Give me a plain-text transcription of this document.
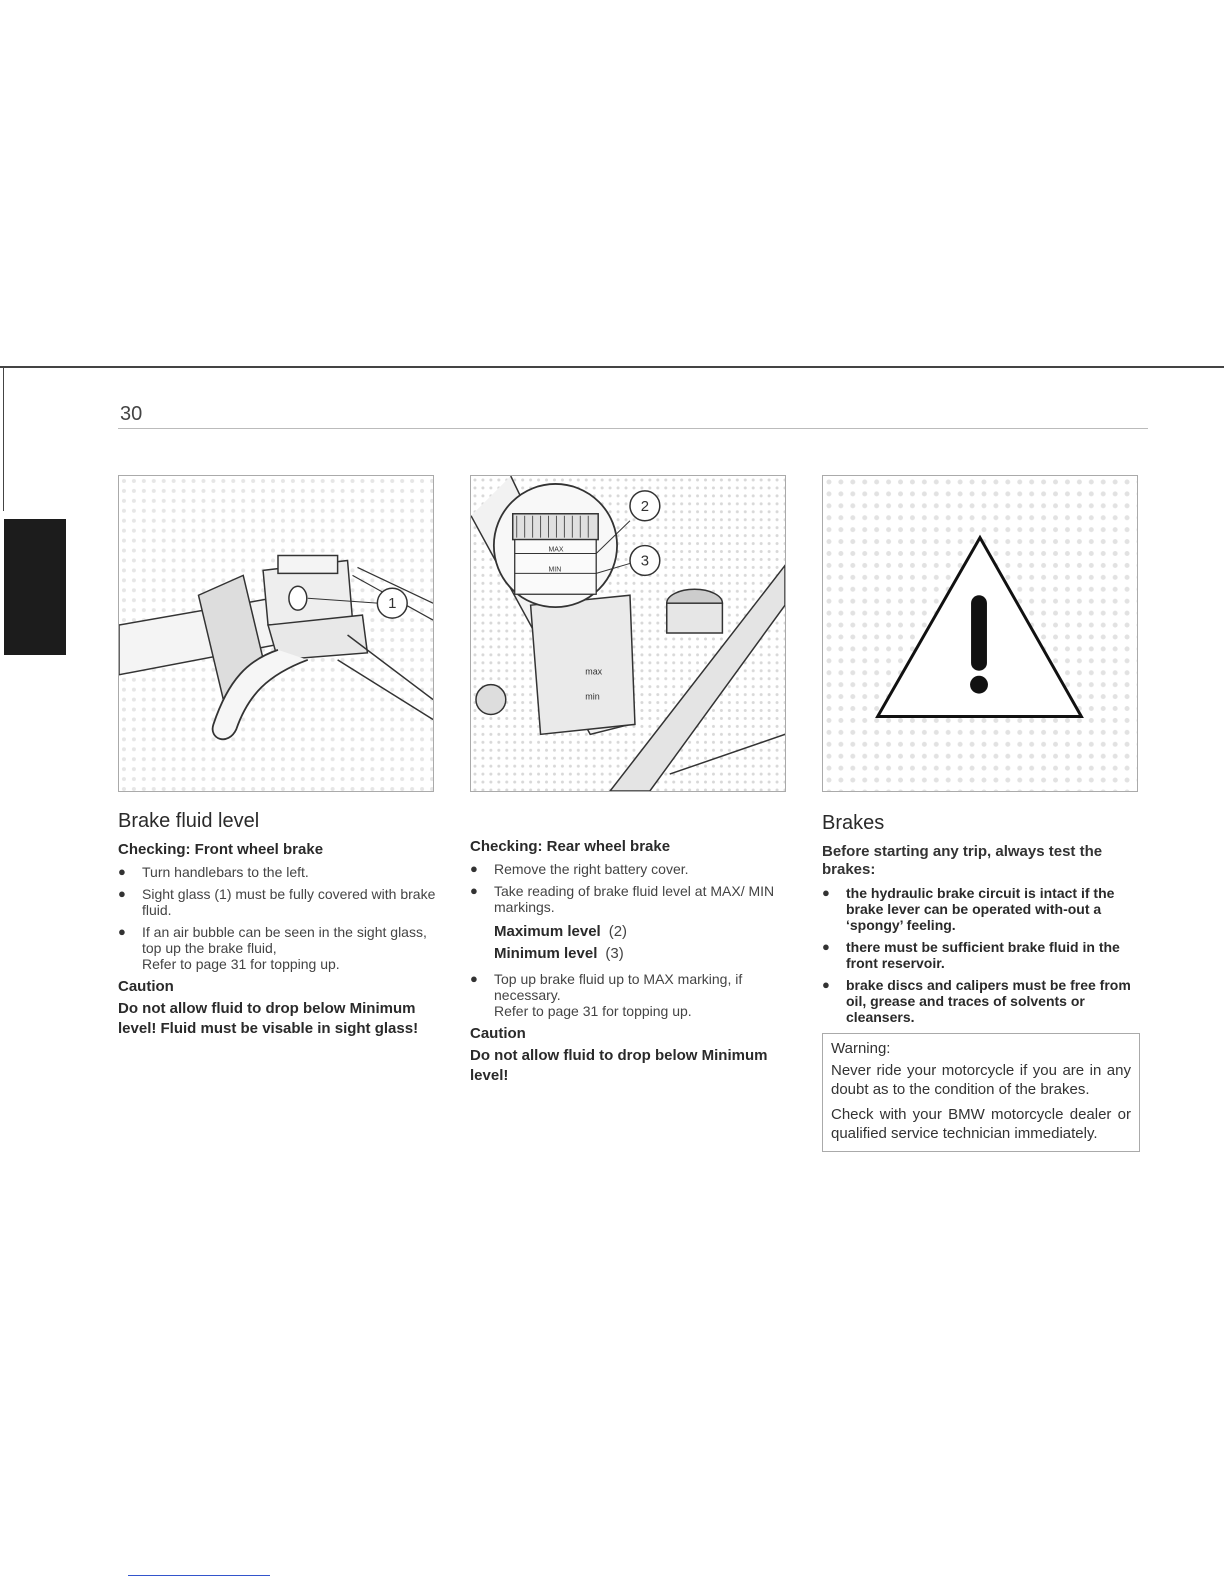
30
1
max
min
MAX
MIN
2
3
Brake fluid level
Checking: Front wheel brake
● Turn handlebars to the left.
● Sight glass (1) must be fully covered with brake fluid.
● If an air bubble can be seen in the sight glass, top up the brake fluid,
Refer to page 31 for topping up.
Caution

Do not allow fluid to drop below Minimum level! Fluid must be visable in sight glass!

Checking: Rear wheel brake
● Remove the right battery cover.
● Take reading of brake fluid level at MAX/ MIN markings.
Maximum level (2)
Minimum level (3)
● Top up brake fluid up to MAX marking, if necessary.
Refer to page 31 for topping up.
Caution

Do not allow fluid to drop below Minimum level!

Brakes

Before starting any trip, always test the brakes:

● the hydraulic brake circuit is intact if the brake lever can be operated with-out a ‘spongy’ feeling.
● there must be sufficient brake fluid in the front reservoir.
● brake discs and calipers must be free from oil, grease and traces of solvents or cleansers.
Warning:

Never ride your motorcycle if you are in any doubt as to the condition of the brakes.

Check with your BMW motorcycle dealer or qualified service technician immediately.
